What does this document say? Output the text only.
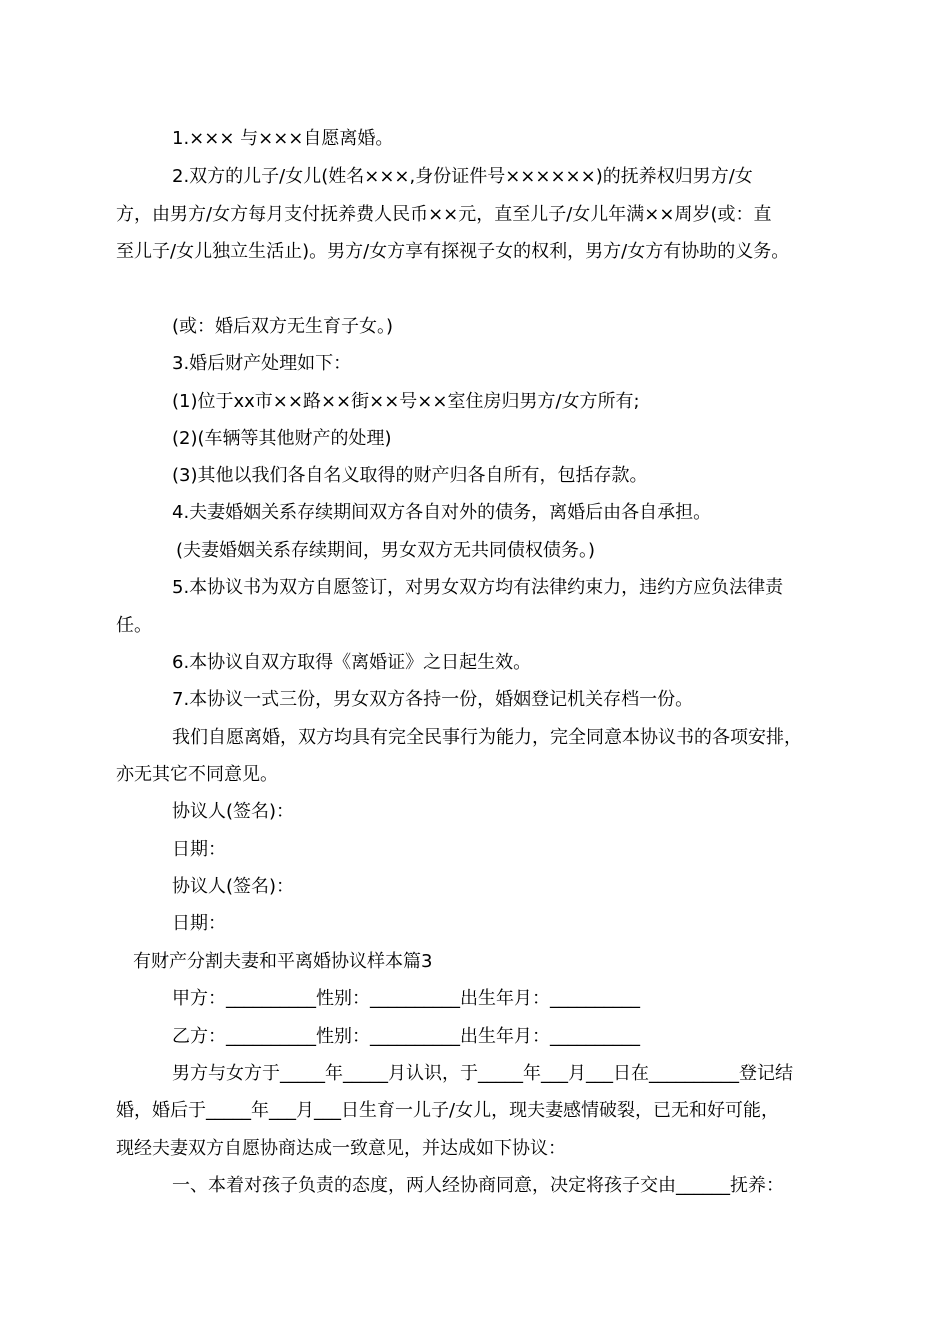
1.××× 与×××自愿离婚。
2.双方的儿子/女儿(姓名×××,身份证件号××××××)的抚养权归男方/女
方，由男方/女方每月支付抚养费人民币××元，直至儿子/女儿年满××周岁(或：直
至儿子/女儿独立生活止)。男方/女方享有探视子女的权利，男方/女方有协助的义务。
(或：婚后双方无生育子女。)
3.婚后财产处理如下：
(1)位于xx市××路××街××号××室住房归男方/女方所有;
(2)(车辆等其他财产的处理)
(3)其他以我们各自名义取得的财产归各自所有，包括存款。
4.夫妻婚姻关系存续期间双方各自对外的债务，离婚后由各自承担。
(夫妻婚姻关系存续期间，男女双方无共同债权债务。)
5.本协议书为双方自愿签订，对男女双方均有法律约束力，违约方应负法律责
任。
6.本协议自双方取得《离婚证》之日起生效。
7.本协议一式三份，男女双方各持一份，婚姻登记机关存档一份。
我们自愿离婚，双方均具有完全民事行为能力，完全同意本协议书的各项安排，
亦无其它不同意见。
协议人(签名)：
日期：
协议人(签名)：
日期：
有财产分割夫妻和平离婚协议样本篇3
甲方：__________性别：__________出生年月：__________
乙方：__________性别：__________出生年月：__________
男方与女方于_____年_____月认识，于_____年___月___日在__________登记结
婚，婚后于_____年___月___日生育一儿子/女儿，现夫妻感情破裂，已无和好可能，
现经夫妻双方自愿协商达成一致意见，并达成如下协议：
一、本着对孩子负责的态度，两人经协商同意，决定将孩子交由______抚养：
